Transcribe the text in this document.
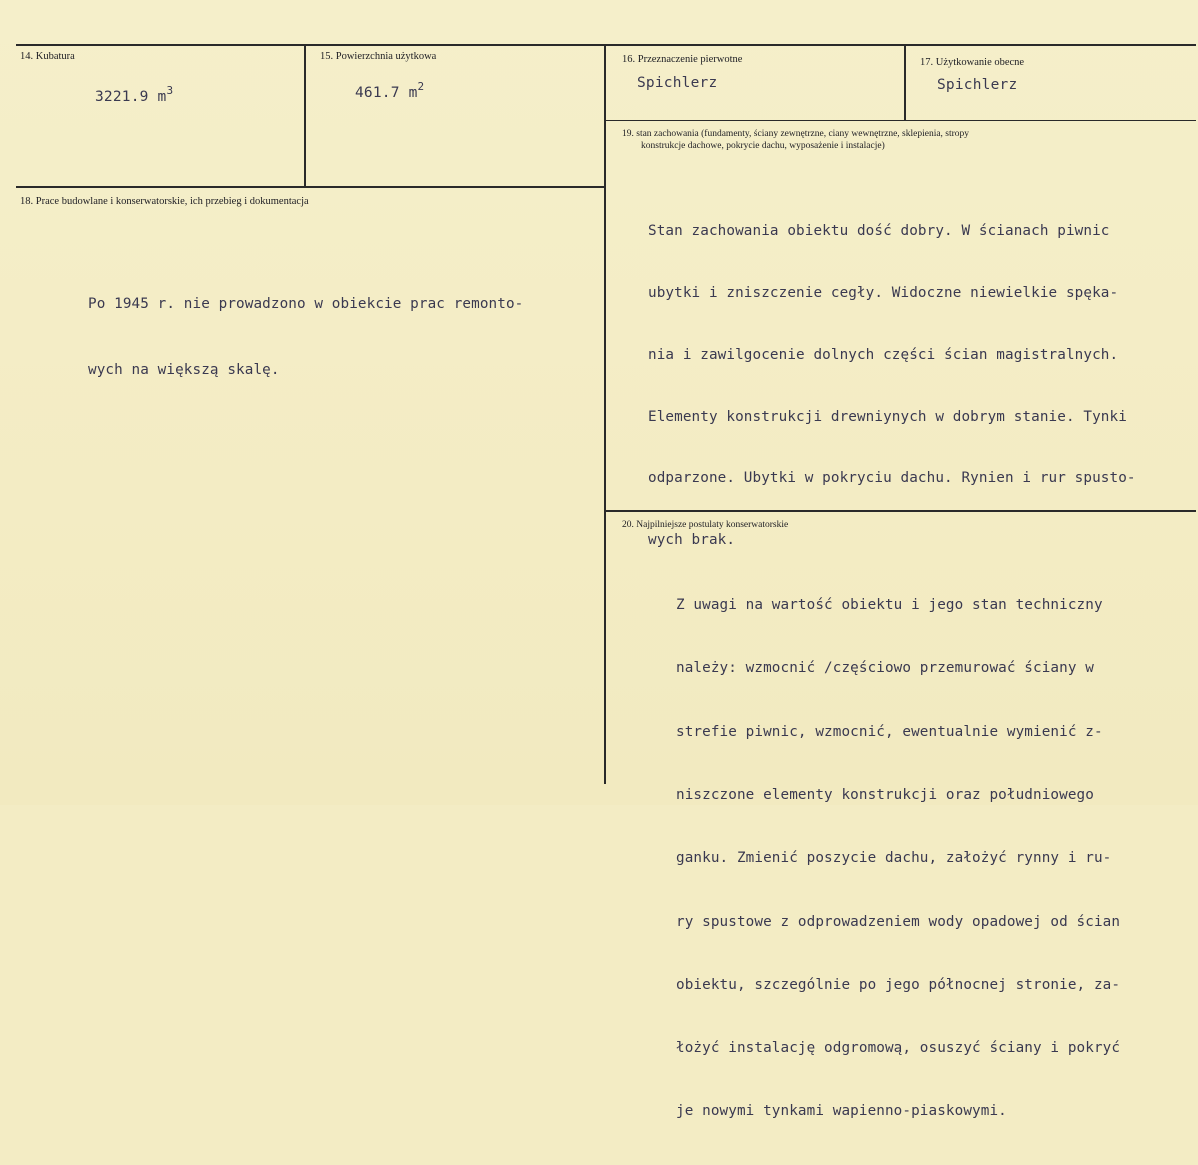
14. Kubatura
3221.9 $m^3$
15. Powierzchnia użytkowa
461.7 $m^2$
16. Przeznaczenie pierwotne
Spichlerz
17. Użytkowanie obecne
Spichlerz
19. stan zachowania (fundamenty, ściany zewnętrzne, ciany wewnętrzne, sklepienia, stropy
konstrukcje dachowe, pokrycie dachu, wyposażenie i instalacje)

Stan zachowania obiektu dość dobry. W ścianach piwnic

ubytki i zniszczenie cegły. Widoczne niewielkie spęka-

nia i zawilgocenie dolnych części ścian magistralnych.

Elementy konstrukcji drewniynych w dobrym stanie. Tynki

odparzone. Ubytki w pokryciu dachu. Rynien i rur spusto-

wych brak.

18. Prace budowlane i konserwatorskie, ich przebieg i dokumentacja

Po 1945 r. nie prowadzono w obiekcie prac remonto-

wych na większą skalę.

20. Najpilniejsze postulaty konserwatorskie

Z uwagi na wartość obiektu i jego stan techniczny

należy: wzmocnić /częściowo przemurować ściany w

strefie piwnic, wzmocnić, ewentualnie wymienić z-

niszczone elementy konstrukcji oraz południowego

ganku. Zmienić poszycie dachu, założyć rynny i ru-

ry spustowe z odprowadzeniem wody opadowej od ścian

obiektu, szczególnie po jego północnej stronie, za-

łożyć instalację odgromową, osuszyć ściany i pokryć

je nowymi tynkami wapienno-piaskowymi.
